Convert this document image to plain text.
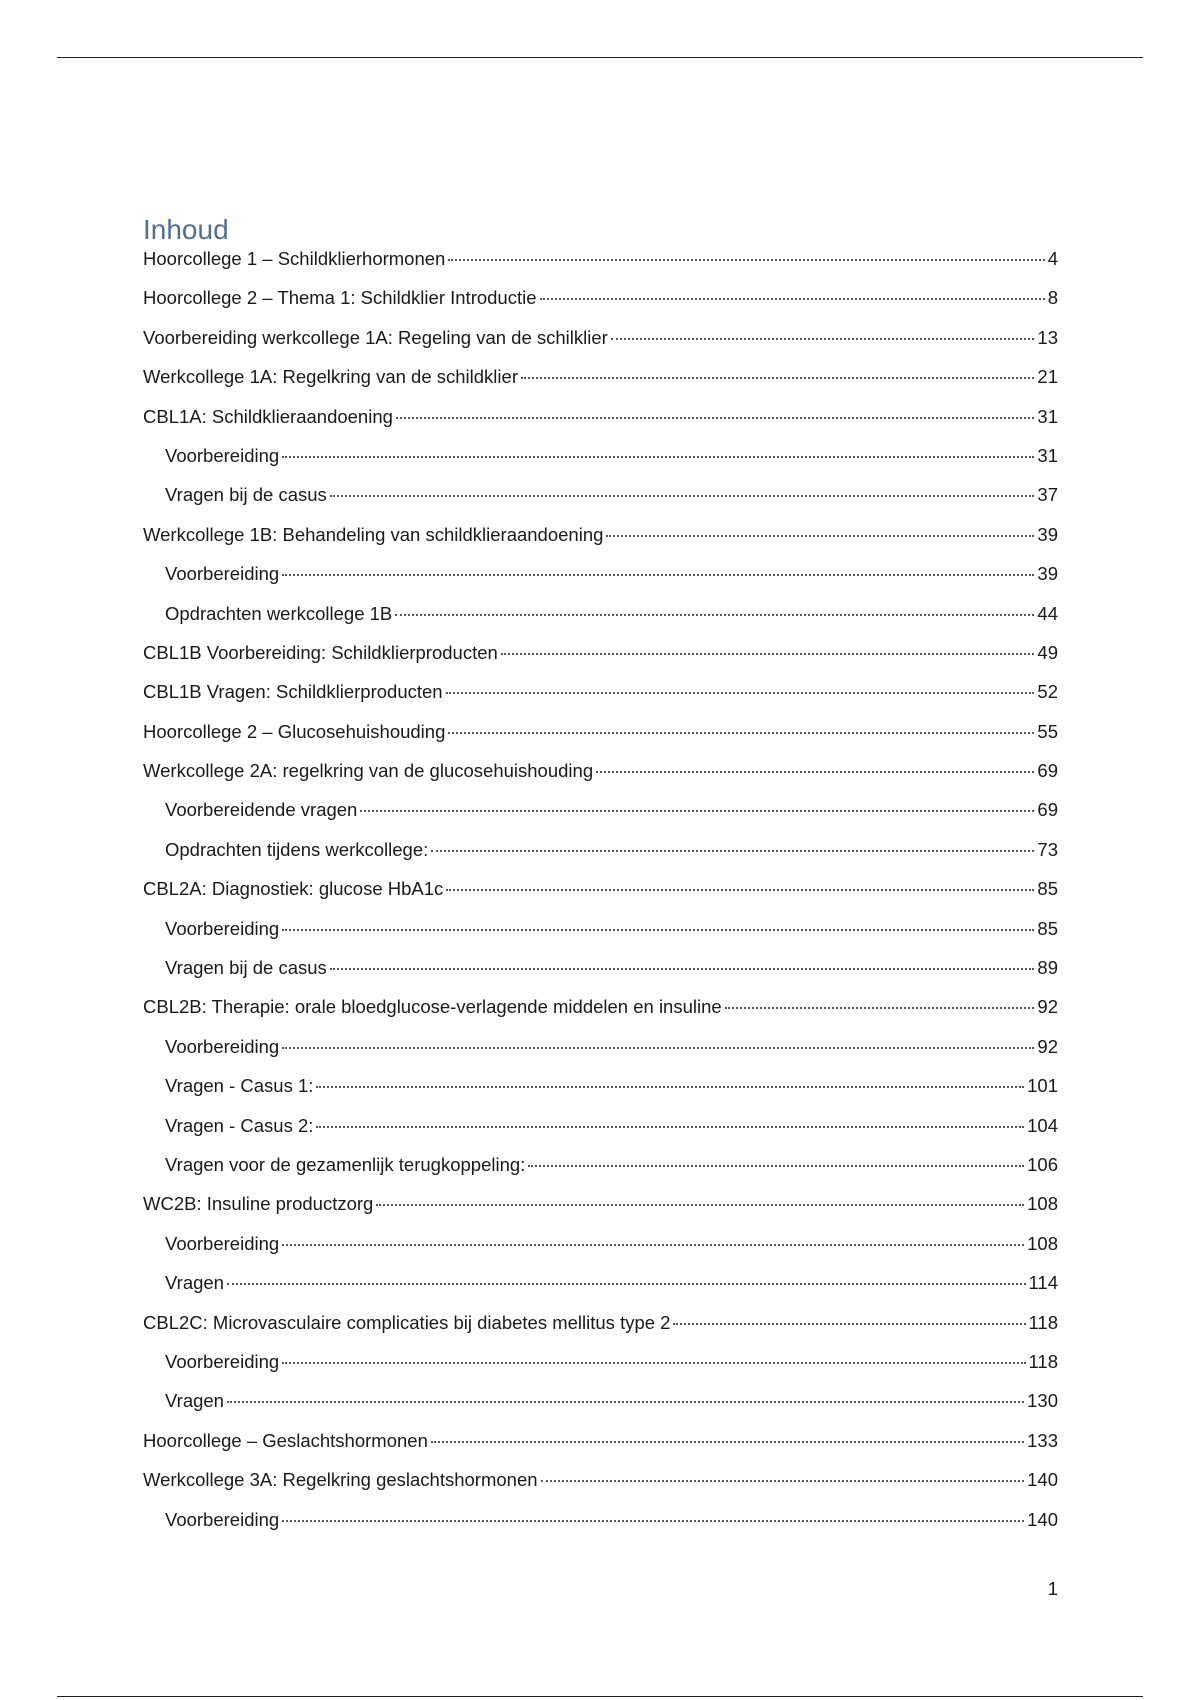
Inhoud
Hoorcollege 1 – Schildklierhormonen	4
Hoorcollege 2 – Thema 1: Schildklier Introductie	8
Voorbereiding werkcollege 1A: Regeling van de schilklier	13
Werkcollege 1A: Regelkring van de schildklier	21
CBL1A: Schildklieraandoening	31
Voorbereiding	31
Vragen bij de casus	37
Werkcollege 1B: Behandeling van schildklieraandoening	39
Voorbereiding	39
Opdrachten werkcollege 1B	44
CBL1B Voorbereiding: Schildklierproducten	49
CBL1B Vragen: Schildklierproducten	52
Hoorcollege 2 – Glucosehuishouding	55
Werkcollege 2A: regelkring van de glucosehuishouding	69
Voorbereidende vragen	69
Opdrachten tijdens werkcollege:	73
CBL2A: Diagnostiek: glucose HbA1c	85
Voorbereiding	85
Vragen bij de casus	89
CBL2B: Therapie: orale bloedglucose-verlagende middelen en insuline	92
Voorbereiding	92
Vragen - Casus 1:	101
Vragen - Casus 2:	104
Vragen voor de gezamenlijk terugkoppeling:	106
WC2B: Insuline productzorg	108
Voorbereiding	108
Vragen	114
CBL2C: Microvasculaire complicaties bij diabetes mellitus type 2	118
Voorbereiding	118
Vragen	130
Hoorcollege – Geslachtshormonen	133
Werkcollege 3A: Regelkring geslachtshormonen	140
Voorbereiding	140
1
